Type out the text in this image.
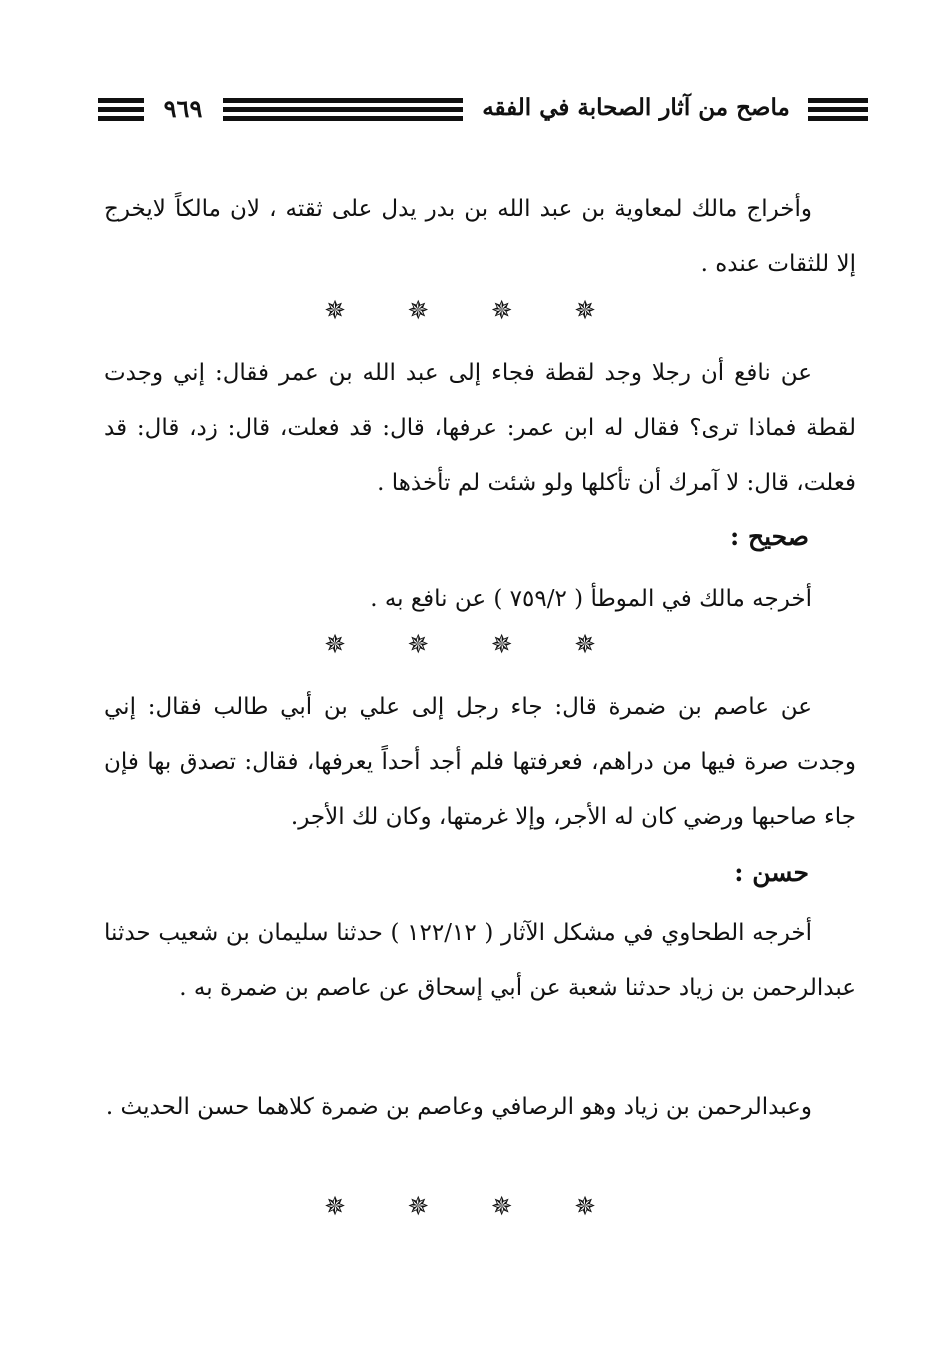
٩٦٩	ماصح من آثار الصحابة في الفقه

وأخراج مالك لمعاوية بن عبد الله بن بدر يدل على ثقته ، لان مالكاً لايخرج إلا للثقات عنده .

✵ ✵ ✵ ✵

عن نافع أن رجلا وجد لقطة فجاء إلى عبد الله بن عمر فقال: إني وجدت لقطة فماذا ترى؟ فقال له ابن عمر: عرفها، قال: قد فعلت، قال: زد، قال: قد فعلت، قال: لا آمرك أن تأكلها ولو شئت لم تأخذها .

صحيح :

أخرجه مالك في الموطأ ( ٧٥٩/٢ ) عن نافع به .

✵ ✵ ✵ ✵

عن عاصم بن ضمرة قال: جاء رجل إلى علي بن أبي طالب فقال: إني وجدت صرة فيها من دراهم، فعرفتها فلم أجد أحداً يعرفها، فقال: تصدق بها فإن جاء صاحبها ورضي كان له الأجر، وإلا غرمتها، وكان لك الأجر.

حسن :

أخرجه الطحاوي في مشكل الآثار ( ١٢٢/١٢ ) حدثنا سليمان بن شعيب حدثنا عبدالرحمن بن زياد حدثنا شعبة عن أبي إسحاق عن عاصم بن ضمرة به .

وعبدالرحمن بن زياد وهو الرصافي وعاصم بن ضمرة كلاهما حسن الحديث .

✵ ✵ ✵ ✵
